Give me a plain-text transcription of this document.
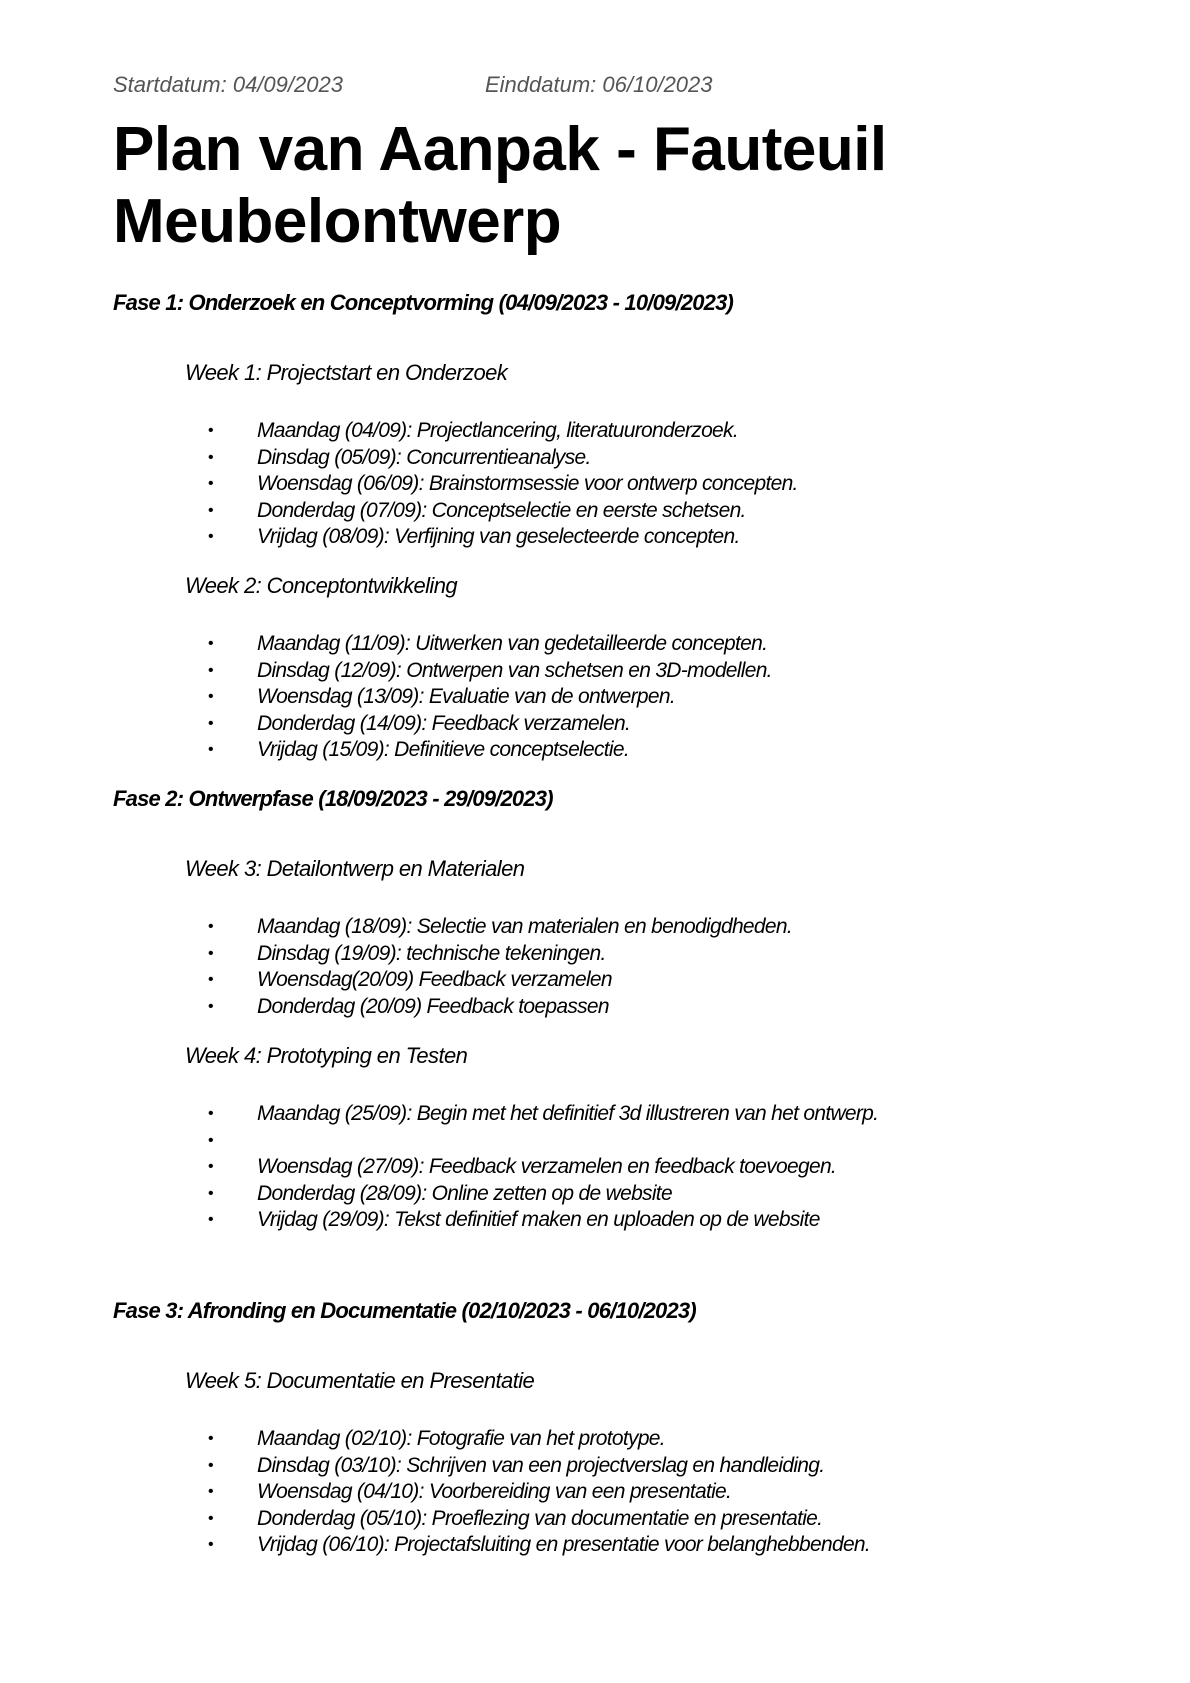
Startdatum: 04/09/2023	Einddatum: 06/10/2023
Plan van Aanpak - Fauteuil Meubelontwerp
Fase 1: Onderzoek en Conceptvorming (04/09/2023 - 10/09/2023)
Week 1: Projectstart en Onderzoek
• Maandag (04/09): Projectlancering, literatuuronderzoek.
• Dinsdag (05/09): Concurrentieanalyse.
• Woensdag (06/09): Brainstormsessie voor ontwerp concepten.
• Donderdag (07/09): Conceptselectie en eerste schetsen.
• Vrijdag (08/09): Verfijning van geselecteerde concepten.
Week 2: Conceptontwikkeling
• Maandag (11/09): Uitwerken van gedetailleerde concepten.
• Dinsdag (12/09): Ontwerpen van schetsen en 3D-modellen.
• Woensdag (13/09): Evaluatie van de ontwerpen.
• Donderdag (14/09): Feedback verzamelen.
• Vrijdag (15/09): Definitieve conceptselectie.
Fase 2: Ontwerpfase (18/09/2023 - 29/09/2023)
Week 3: Detailontwerp en Materialen
• Maandag (18/09): Selectie van materialen en benodigdheden.
• Dinsdag (19/09): technische tekeningen.
• Woensdag(20/09) Feedback verzamelen
• Donderdag (20/09) Feedback toepassen
Week 4: Prototyping en Testen
• Maandag (25/09): Begin met het definitief 3d illustreren van het ontwerp.
•
• Woensdag (27/09): Feedback verzamelen en feedback toevoegen.
• Donderdag (28/09): Online zetten op de website
• Vrijdag (29/09): Tekst definitief maken en uploaden op de website
Fase 3: Afronding en Documentatie (02/10/2023 - 06/10/2023)
Week 5: Documentatie en Presentatie
• Maandag (02/10): Fotografie van het prototype.
• Dinsdag (03/10): Schrijven van een projectverslag en handleiding.
• Woensdag (04/10): Voorbereiding van een presentatie.
• Donderdag (05/10): Proeflezing van documentatie en presentatie.
• Vrijdag (06/10): Projectafsluiting en presentatie voor belanghebbenden.
